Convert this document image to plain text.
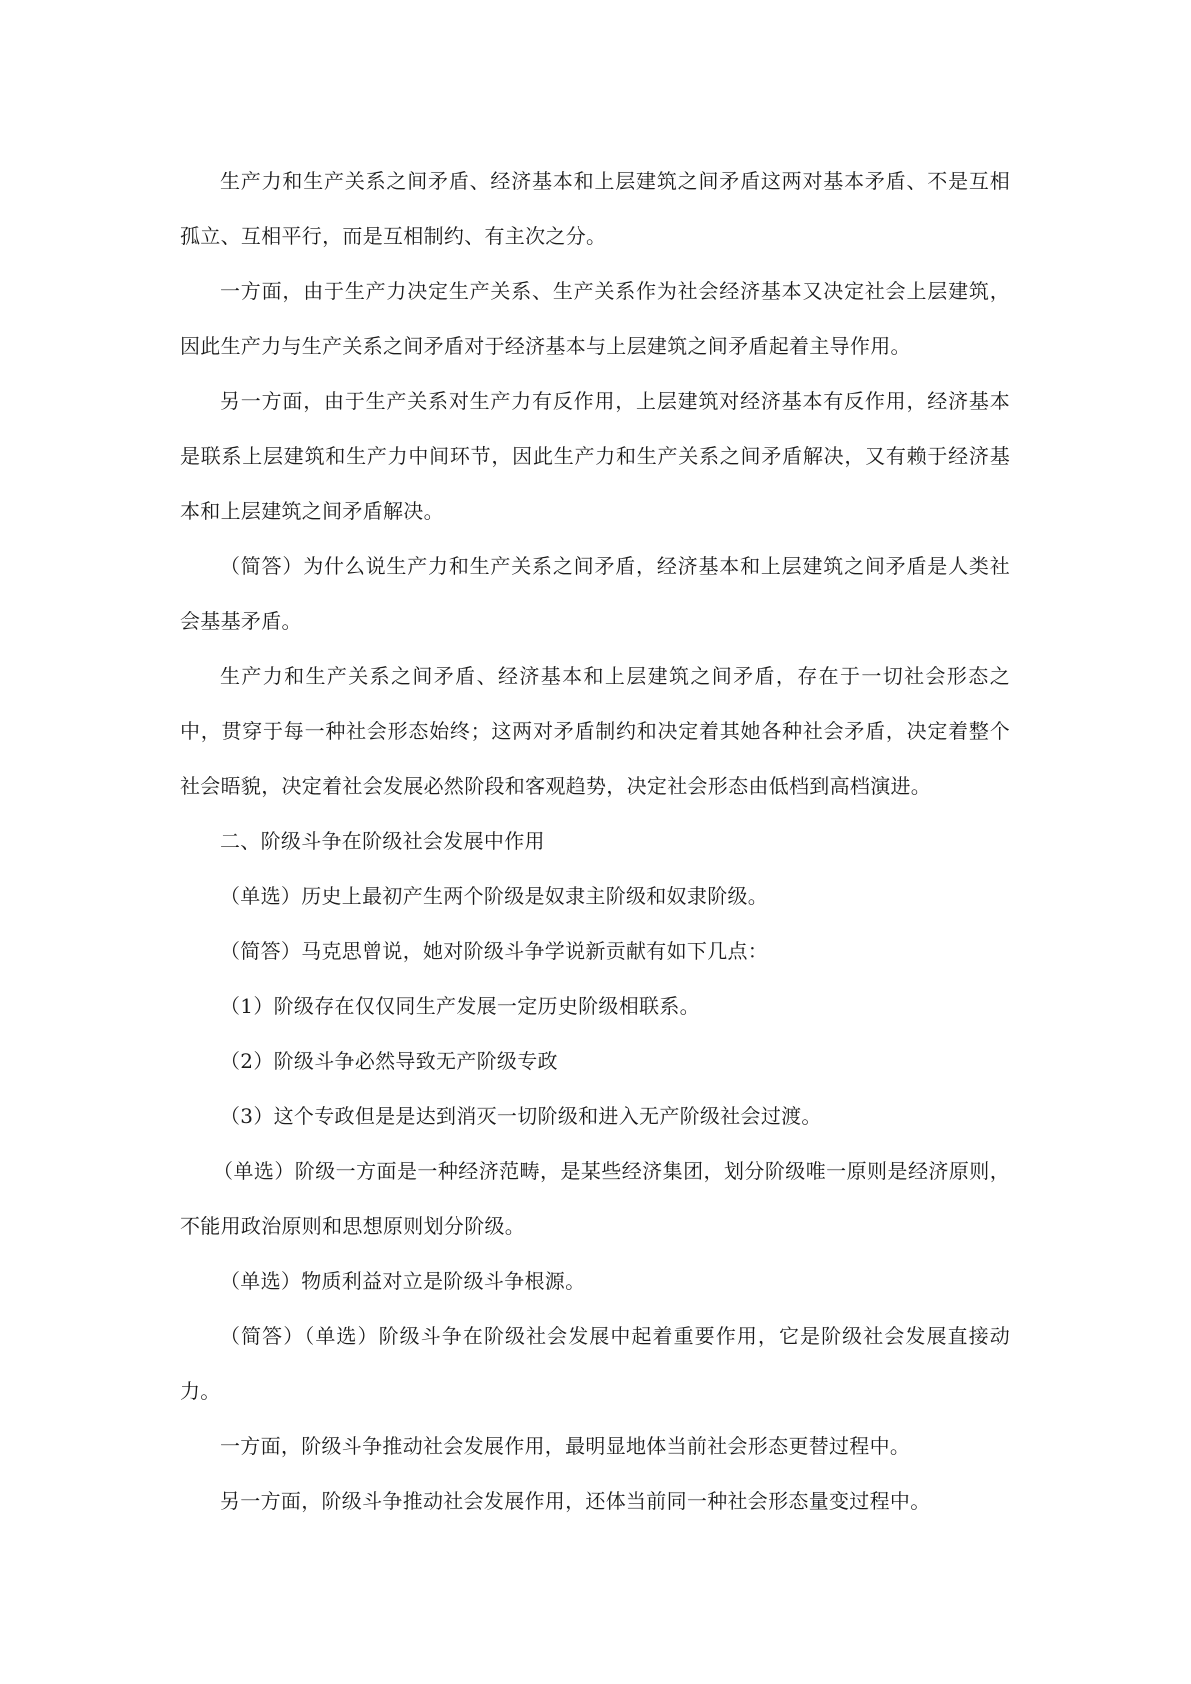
生产力和生产关系之间矛盾、经济基本和上层建筑之间矛盾这两对基本矛盾、不是互相孤立、互相平行，而是互相制约、有主次之分。

一方面，由于生产力决定生产关系、生产关系作为社会经济基本又决定社会上层建筑，因此生产力与生产关系之间矛盾对于经济基本与上层建筑之间矛盾起着主导作用。

另一方面，由于生产关系对生产力有反作用，上层建筑对经济基本有反作用，经济基本是联系上层建筑和生产力中间环节，因此生产力和生产关系之间矛盾解决，又有赖于经济基本和上层建筑之间矛盾解决。

（简答）为什么说生产力和生产关系之间矛盾，经济基本和上层建筑之间矛盾是人类社会基基矛盾。

生产力和生产关系之间矛盾、经济基本和上层建筑之间矛盾，存在于一切社会形态之中，贯穿于每一种社会形态始终；这两对矛盾制约和决定着其她各种社会矛盾，决定着整个社会晤貌，决定着社会发展必然阶段和客观趋势，决定社会形态由低档到高档演进。

二、阶级斗争在阶级社会发展中作用

（单选）历史上最初产生两个阶级是奴隶主阶级和奴隶阶级。

（简答）马克思曾说，她对阶级斗争学说新贡献有如下几点：

（1）阶级存在仅仅同生产发展一定历史阶级相联系。

（2）阶级斗争必然导致无产阶级专政

（3）这个专政但是是达到消灭一切阶级和进入无产阶级社会过渡。

（单选）阶级一方面是一种经济范畴，是某些经济集团，划分阶级唯一原则是经济原则，不能用政治原则和思想原则划分阶级。

（单选）物质利益对立是阶级斗争根源。

（简答）（单选）阶级斗争在阶级社会发展中起着重要作用，它是阶级社会发展直接动力。

一方面，阶级斗争推动社会发展作用，最明显地体当前社会形态更替过程中。

另一方面，阶级斗争推动社会发展作用，还体当前同一种社会形态量变过程中。
